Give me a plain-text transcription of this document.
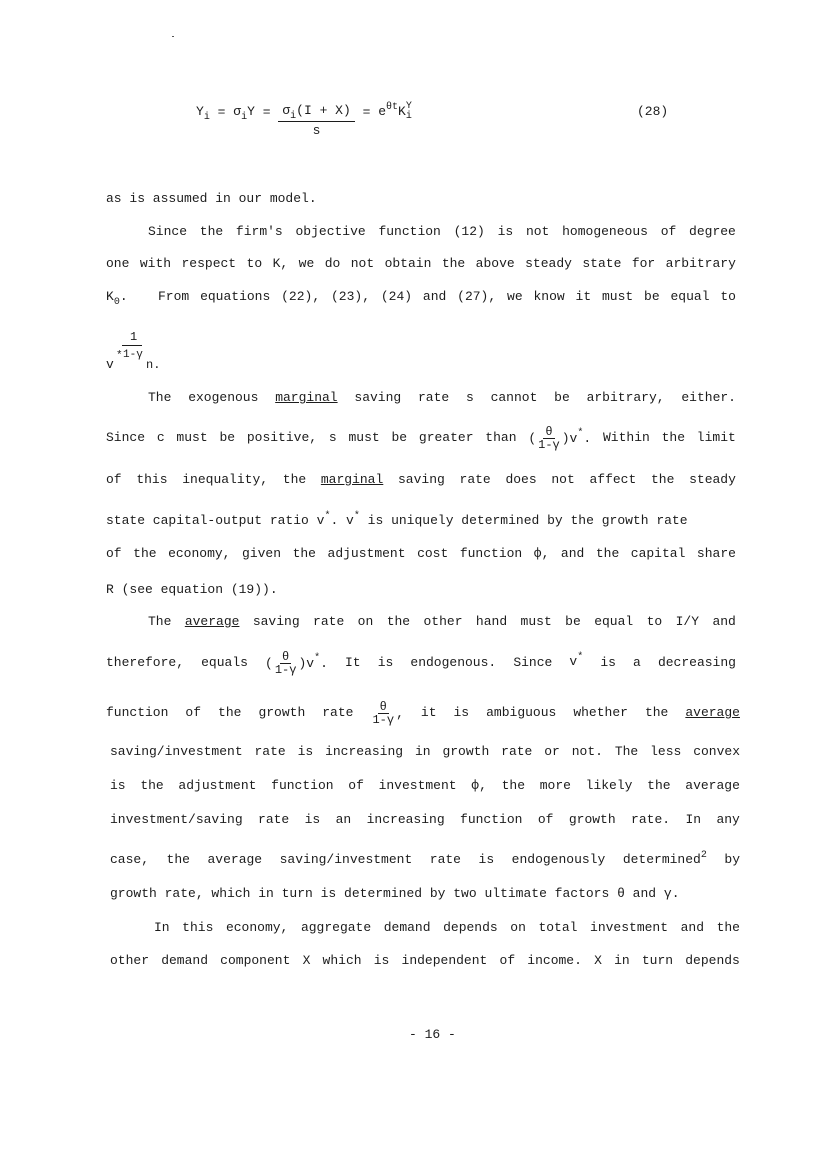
$Y_i = \sigma_iY = \frac{\sigma_i(I + X)}{s} = e^{\theta t}K$ Y
i	(28)
as is assumed in our model.
Since the firm's objective function (12) is not homogeneous of degree
one with respect to K, we do not obtain the above steady state for arbitrary
$K_0$. From equations (22), (23), (24) and (27), we know it must be equal to
1
v
* 1-γ
n.
The exogenous marginal saving rate s cannot be arbitrary, either.
Since c must be positive, s must be greater than ( $\frac{\theta}{1-\gamma} )v^*$. Within the limit
of this inequality, the marginal saving rate does not affect the steady
state capital-output ratio v*. v* is uniquely determined by the growth rate
of the economy, given the adjustment cost function ф, and the capital share
R (see equation (19)).
The average saving rate on the other hand must be equal to I/Y and
therefore, equals ( $\frac{\theta}{1-\gamma} )v^*$. It is endogenous. Since v* is a decreasing
function of the growth rate $\frac{\theta}{1-\gamma}$ , it is ambiguous whether the average
saving/investment rate is increasing in growth rate or not. The less convex
is the adjustment function of investment ф, the more likely the average
investment/saving rate is an increasing function of growth rate. In any
case, the average saving/investment rate is endogenously determined$^2$ by
growth rate, which in turn is determined by two ultimate factors θ and γ.
In this economy, aggregate demand depends on total investment and the
other demand component X which is independent of income. X in turn depends
- 16 -
